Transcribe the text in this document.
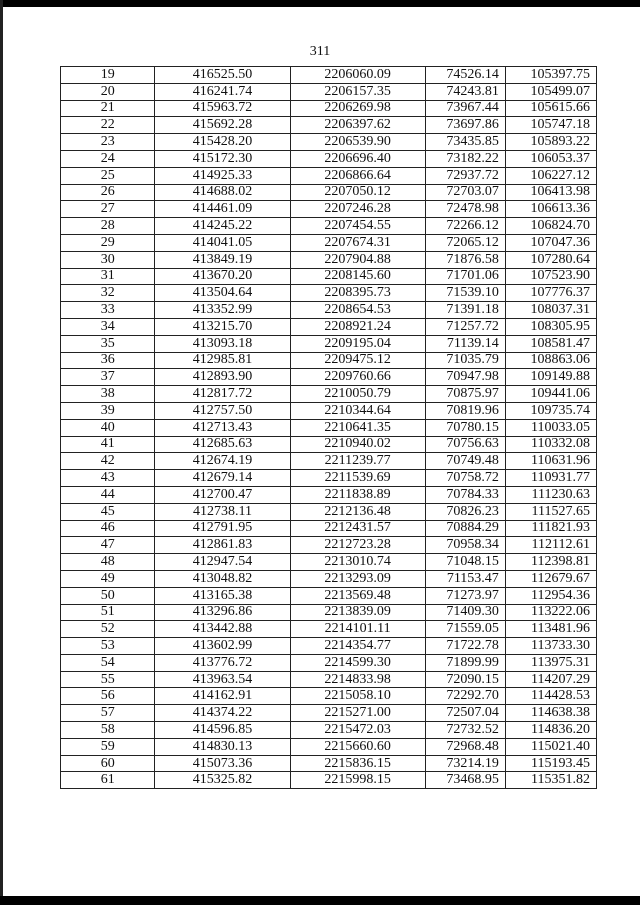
311
19	416525.50	2206060.09	74526.14	105397.75
20	416241.74	2206157.35	74243.81	105499.07
21	415963.72	2206269.98	73967.44	105615.66
22	415692.28	2206397.62	73697.86	105747.18
23	415428.20	2206539.90	73435.85	105893.22
24	415172.30	2206696.40	73182.22	106053.37
25	414925.33	2206866.64	72937.72	106227.12
26	414688.02	2207050.12	72703.07	106413.98
27	414461.09	2207246.28	72478.98	106613.36
28	414245.22	2207454.55	72266.12	106824.70
29	414041.05	2207674.31	72065.12	107047.36
30	413849.19	2207904.88	71876.58	107280.64
31	413670.20	2208145.60	71701.06	107523.90
32	413504.64	2208395.73	71539.10	107776.37
33	413352.99	2208654.53	71391.18	108037.31
34	413215.70	2208921.24	71257.72	108305.95
35	413093.18	2209195.04	71139.14	108581.47
36	412985.81	2209475.12	71035.79	108863.06
37	412893.90	2209760.66	70947.98	109149.88
38	412817.72	2210050.79	70875.97	109441.06
39	412757.50	2210344.64	70819.96	109735.74
40	412713.43	2210641.35	70780.15	110033.05
41	412685.63	2210940.02	70756.63	110332.08
42	412674.19	2211239.77	70749.48	110631.96
43	412679.14	2211539.69	70758.72	110931.77
44	412700.47	2211838.89	70784.33	111230.63
45	412738.11	2212136.48	70826.23	111527.65
46	412791.95	2212431.57	70884.29	111821.93
47	412861.83	2212723.28	70958.34	112112.61
48	412947.54	2213010.74	71048.15	112398.81
49	413048.82	2213293.09	71153.47	112679.67
50	413165.38	2213569.48	71273.97	112954.36
51	413296.86	2213839.09	71409.30	113222.06
52	413442.88	2214101.11	71559.05	113481.96
53	413602.99	2214354.77	71722.78	113733.30
54	413776.72	2214599.30	71899.99	113975.31
55	413963.54	2214833.98	72090.15	114207.29
56	414162.91	2215058.10	72292.70	114428.53
57	414374.22	2215271.00	72507.04	114638.38
58	414596.85	2215472.03	72732.52	114836.20
59	414830.13	2215660.60	72968.48	115021.40
60	415073.36	2215836.15	73214.19	115193.45
61	415325.82	2215998.15	73468.95	115351.82
